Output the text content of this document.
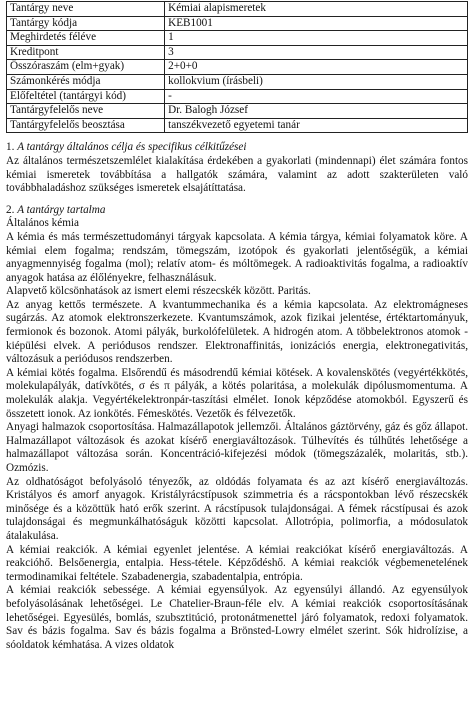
Tantárgy neve	Kémiai alapismeretek
Tantárgy kódja	KEB1001
Meghirdetés féléve	1
Kreditpont	3
Összóraszám (elm+gyak)	2+0+0
Számonkérés módja	kollokvium (írásbeli)
Előfeltétel (tantárgyi kód)	-
Tantárgyfelelős neve	Dr. Balogh József
Tantárgyfelelős beosztása	tanszékvezető egyetemi tanár
1. A tantárgy általános célja és specifikus célkitűzései

Az általános természetszemlélet kialakítása érdekében a gyakorlati (mindennapi) élet számára fontos kémiai ismeretek továbbítása a hallgatók számára, valamint az adott szakterületen való továbbhaladáshoz szükséges ismeretek elsajátíttatása.

2. A tantárgy tartalma

Általános kémia

A kémia és más természettudományi tárgyak kapcsolata. A kémia tárgya, kémiai folyamatok köre. A kémiai elem fogalma; rendszám, tömegszám, izotópok és gyakorlati jelentőségük, a kémiai anyagmennyiség fogalma (mol); relatív atom- és móltömegek. A radioaktivitás fogalma, a radioaktív anyagok hatása az élőlényekre, felhasználásuk.

Alapvető kölcsönhatások az ismert elemi részecskék között. Paritás.

Az anyag kettős természete. A kvantummechanika és a kémia kapcsolata. Az elektromágneses sugárzás. Az atomok elektronszerkezete. Kvantumszámok, azok fizikai jelentése, értéktartományuk, fermionok és bozonok. Atomi pályák, burkolófelületek. A hidrogén atom. A többelektronos atomok - kiépülési elvek. A periódusos rendszer. Elektronaffinitás, ionizációs energia, elektronegativitás, változásuk a periódusos rendszerben.

A kémiai kötés fogalma. Elsőrendű és másodrendű kémiai kötések. A kovalenskötés (vegyértékkötés, molekulapályák, datívkötés, σ és π pályák, a kötés polaritása, a molekulák dipólusmomentuma. A molekulák alakja. Vegyértékelektronpár-taszítási elmélet. Ionok képződése atomokból. Egyszerű és összetett ionok. Az ionkötés. Fémeskötés. Vezetők és félvezetők.

Anyagi halmazok csoportosítása. Halmazállapotok jellemzői. Általános gáztörvény, gáz és gőz állapot. Halmazállapot változások és azokat kísérő energiaváltozások. Túlhevítés és túlhűtés lehetősége a halmazállapot változása során. Koncentráció-kifejezési módok (tömegszázalék, molaritás, stb.). Ozmózis.

Az oldhatóságot befolyásoló tényezők, az oldódás folyamata és az azt kísérő energiaváltozás. Kristályos és amorf anyagok. Kristályrácstípusok szimmetria és a rácspontokban lévő részecskék minősége és a közöttük ható erők szerint. A rácstípusok tulajdonságai. A fémek rácstípusai és azok tulajdonságai és megmunkálhatóságuk közötti kapcsolat. Allotrópia, polimorfia, a módosulatok átalakulása.

A kémiai reakciók. A kémiai egyenlet jelentése. A kémiai reakciókat kísérő energiaváltozás. A reakcióhő. Belsőenergia, entalpia. Hess-tétele. Képződéshő. A kémiai reakciók végbemenetelének termodinamikai feltétele. Szabadenergia, szabadentalpia, entrópia.

A kémiai reakciók sebessége. A kémiai egyensúlyok. Az egyensúlyi állandó. Az egyensúlyok befolyásolásának lehetőségei. Le Chatelier-Braun-féle elv. A kémiai reakciók csoportosításának lehetőségei. Egyesülés, bomlás, szubsztitúció, protonátmenettel járó folyamatok, redoxi folyamatok. Sav és bázis fogalma. Sav és bázis fogalma a Brönsted-Lowry elmélet szerint. Sók hidrolízise, a sóoldatok kémhatása. A vizes oldatok
